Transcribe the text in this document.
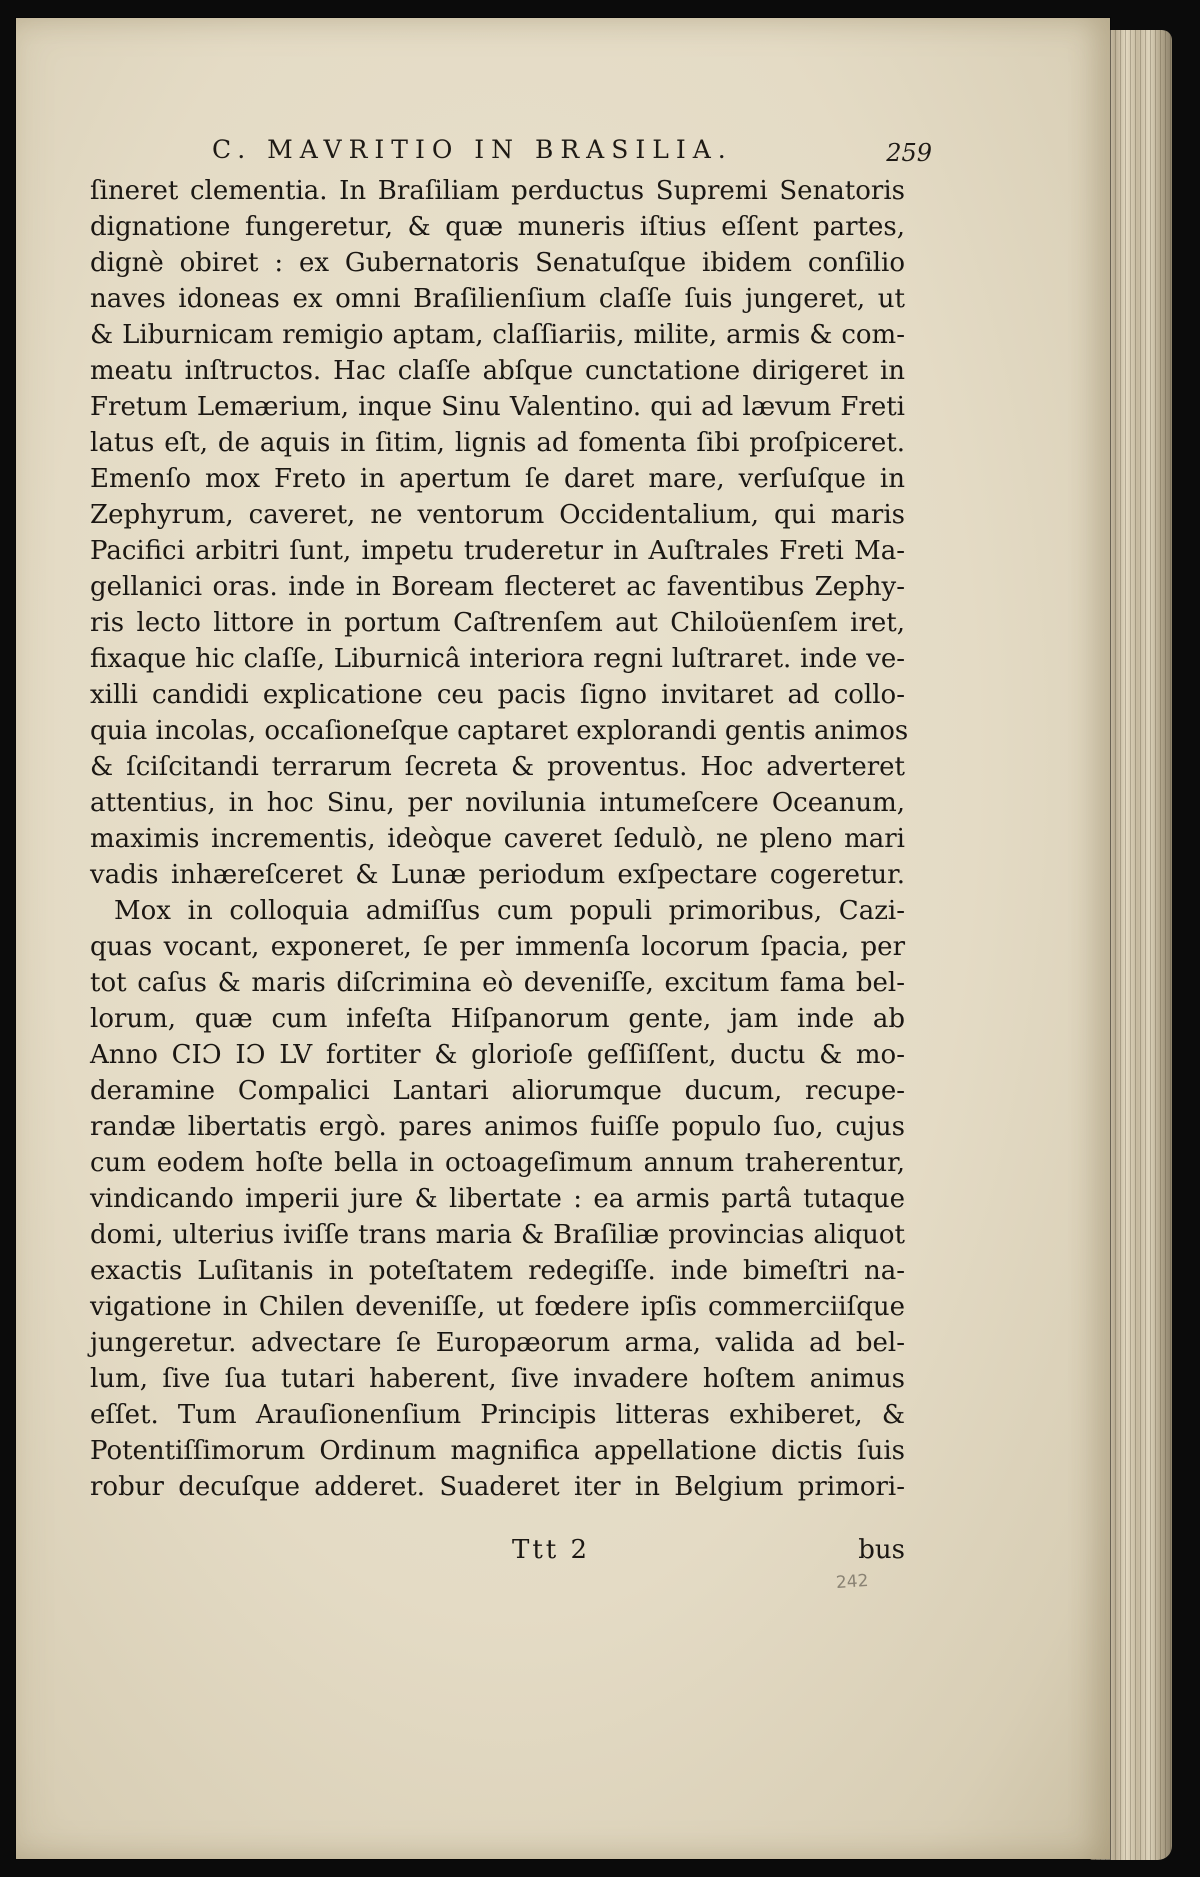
C. MAVRITIO IN BRASILIA.	259
ſineret clementia. In Braſiliam perductus Supremi Senatoris
dignatione fungeretur, & quæ muneris iſtius eſſent partes,
dignè obiret : ex Gubernatoris Senatuſque ibidem conſilio
naves idoneas ex omni Braſilienſium claſſe ſuis jungeret, ut
& Liburnicam remigio aptam, claſſiariis, milite, armis & com-
meatu inſtructos. Hac claſſe abſque cunctatione dirigeret in
Fretum Lemærium, inque Sinu Valentino. qui ad lævum Freti
latus eſt, de aquis in ſitim, lignis ad fomenta ſibi proſpiceret.
Emenſo mox Freto in apertum ſe daret mare, verſuſque in
Zephyrum, caveret, ne ventorum Occidentalium, qui maris
Pacifici arbitri ſunt, impetu truderetur in Auſtrales Freti Ma-
gellanici oras. inde in Boream flecteret ac faventibus Zephy-
ris lecto littore in portum Caſtrenſem aut Chiloüenſem iret,
fixaque hic claſſe, Liburnicâ interiora regni luſtraret. inde ve-
xilli candidi explicatione ceu pacis ſigno invitaret ad collo-
quia incolas, occaſioneſque captaret explorandi gentis animos
& ſciſcitandi terrarum ſecreta & proventus. Hoc adverteret
attentius, in hoc Sinu, per novilunia intumeſcere Oceanum,
maximis incrementis, ideòque caveret ſedulò, ne pleno mari
vadis inhæreſceret & Lunæ periodum exſpectare cogeretur.
Mox in colloquia admiſſus cum populi primoribus, Cazi-
quas vocant, exponeret, ſe per immenſa locorum ſpacia, per
tot caſus & maris diſcrimina eò deveniſſe, excitum fama bel-
lorum, quæ cum infeſta Hiſpanorum gente, jam inde ab
Anno CIƆ IƆ LV fortiter & glorioſe geſſiſſent, ductu & mo-
deramine Compalici Lantari aliorumque ducum, recupe-
randæ libertatis ergò. pares animos fuiſſe populo ſuo, cujus
cum eodem hoſte bella in octoageſimum annum traherentur,
vindicando imperii jure & libertate : ea armis partâ tutaque
domi, ulterius iviſſe trans maria & Braſiliæ provincias aliquot
exactis Luſitanis in poteſtatem redegiſſe. inde bimeſtri na-
vigatione in Chilen deveniſſe, ut fœdere ipſis commerciiſque
jungeretur. advectare ſe Europæorum arma, valida ad bel-
lum, ſive ſua tutari haberent, ſive invadere hoſtem animus
eſſet. Tum Arauſionenſium Principis litteras exhiberet, &
Potentiſſimorum Ordinum magnifica appellatione dictis ſuis
robur decuſque adderet. Suaderet iter in Belgium primori-
Ttt 2	bus
242
